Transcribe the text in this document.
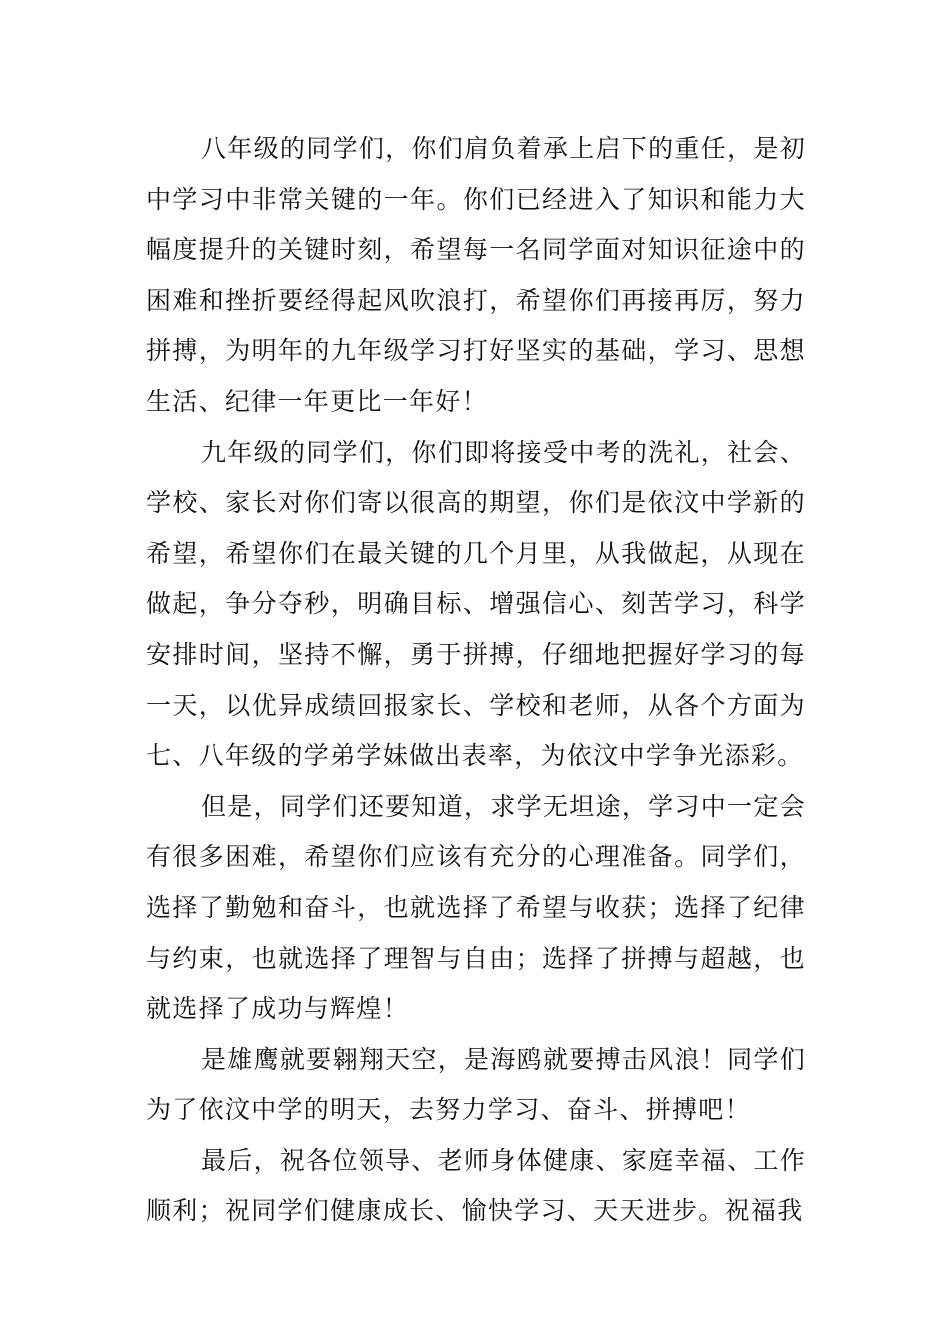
八年级的同学们，你们肩负着承上启下的重任，是初中学习中非常关键的一年。你们已经进入了知识和能力大幅度提升的关键时刻，希望每一名同学面对知识征途中的困难和挫折要经得起风吹浪打，希望你们再接再厉，努力拼搏，为明年的九年级学习打好坚实的基础，学习、思想生活、纪律一年更比一年好！

九年级的同学们，你们即将接受中考的洗礼，社会、学校、家长对你们寄以很高的期望，你们是依汶中学新的希望，希望你们在最关键的几个月里，从我做起，从现在做起，争分夺秒，明确目标、增强信心、刻苦学习，科学安排时间，坚持不懈，勇于拼搏，仔细地把握好学习的每一天，以优异成绩回报家长、学校和老师，从各个方面为七、八年级的学弟学妹做出表率，为依汶中学争光添彩。

但是，同学们还要知道，求学无坦途，学习中一定会有很多困难，希望你们应该有充分的心理准备。同学们，选择了勤勉和奋斗，也就选择了希望与收获；选择了纪律与约束，也就选择了理智与自由；选择了拼搏与超越，也就选择了成功与辉煌！

是雄鹰就要翱翔天空，是海鸥就要搏击风浪！同学们为了依汶中学的明天，去努力学习、奋斗、拼搏吧！

最后，祝各位领导、老师身体健康、家庭幸福、工作顺利；祝同学们健康成长、愉快学习、天天进步。祝福我
